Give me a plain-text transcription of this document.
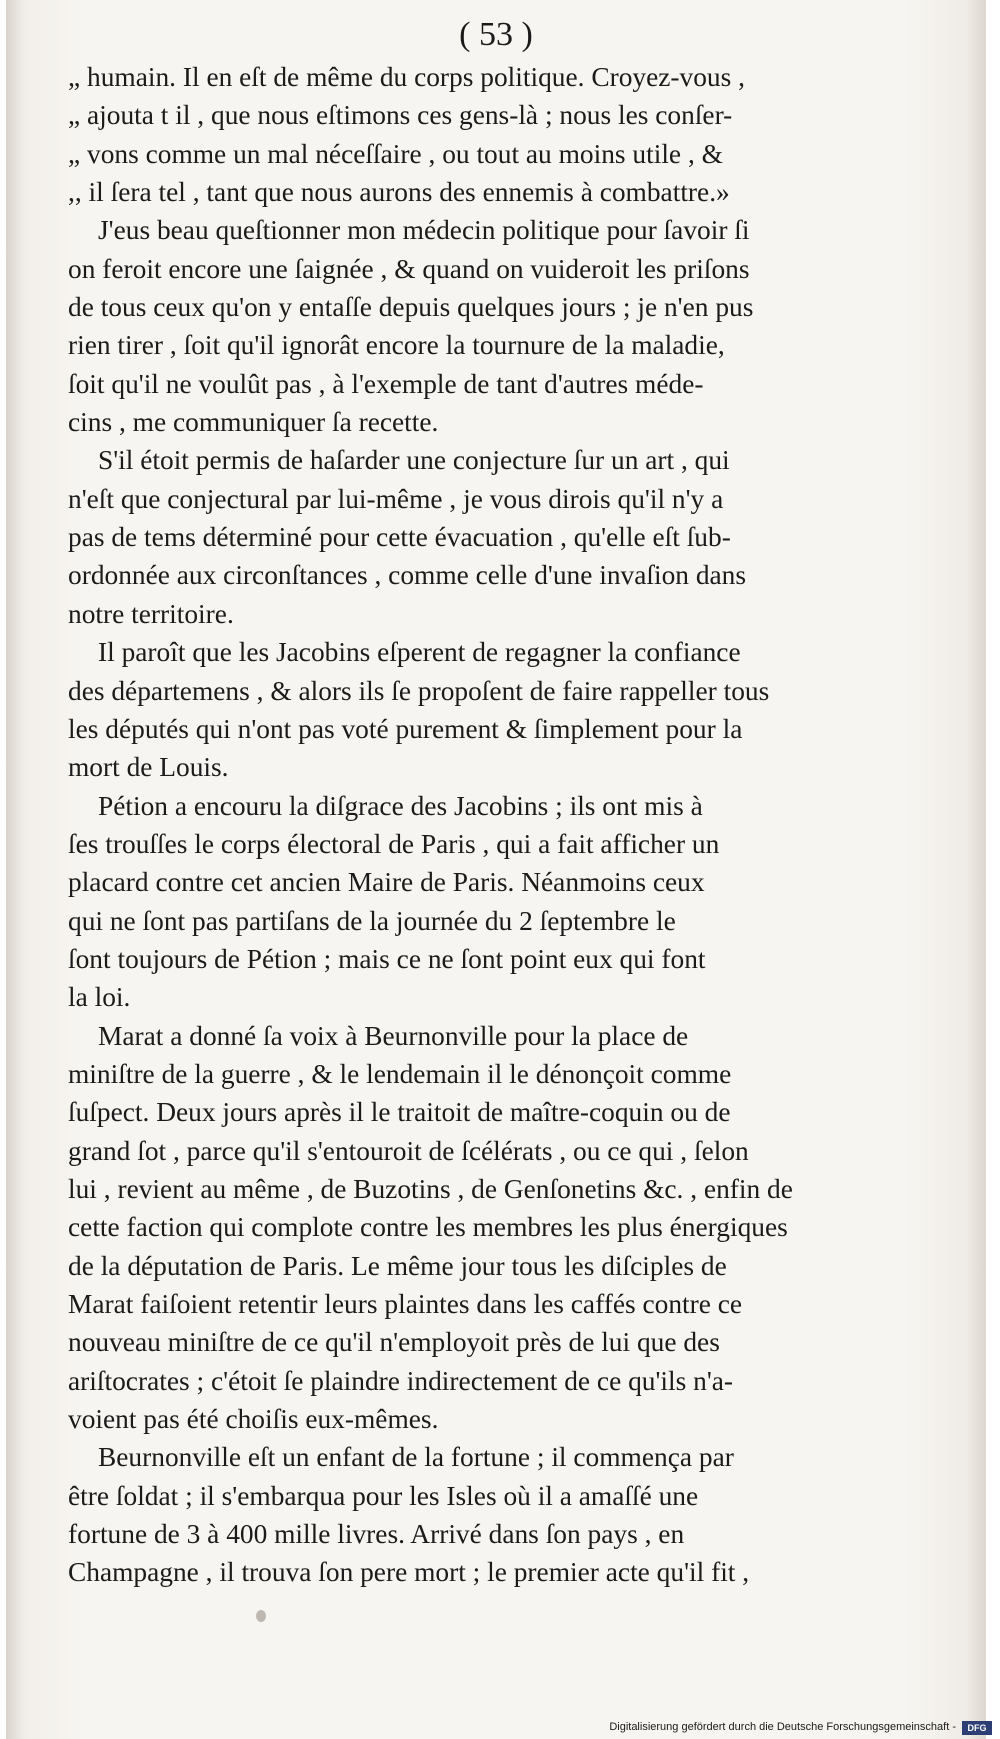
( 53 )

„ humain. Il en eſt de même du corps politique. Croyez-vous ,
„ ajouta t il , que nous eſtimons ces gens-là ; nous les conſer-
„ vons comme un mal néceſſaire , ou tout au moins utile , &
,, il ſera tel , tant que nous aurons des ennemis à combattre.»
J'eus beau queſtionner mon médecin politique pour ſavoir ſi
on feroit encore une ſaignée , & quand on vuideroit les priſons
de tous ceux qu'on y entaſſe depuis quelques jours ; je n'en pus
rien tirer , ſoit qu'il ignorât encore la tournure de la maladie,
ſoit qu'il ne voulût pas , à l'exemple de tant d'autres méde-
cins , me communiquer ſa recette.
S'il étoit permis de haſarder une conjecture ſur un art , qui
n'eſt que conjectural par lui-même , je vous dirois qu'il n'y a
pas de tems déterminé pour cette évacuation , qu'elle eſt ſub-
ordonnée aux circonſtances , comme celle d'une invaſion dans
notre territoire.
Il paroît que les Jacobins eſperent de regagner la confiance
des départemens , & alors ils ſe propoſent de faire rappeller tous
les députés qui n'ont pas voté purement & ſimplement pour la
mort de Louis.
Pétion a encouru la diſgrace des Jacobins ; ils ont mis à
ſes trouſſes le corps électoral de Paris , qui a fait afficher un
placard contre cet ancien Maire de Paris. Néanmoins ceux
qui ne ſont pas partiſans de la journée du 2 ſeptembre le
ſont toujours de Pétion ; mais ce ne ſont point eux qui font
la loi.
Marat a donné ſa voix à Beurnonville pour la place de
miniſtre de la guerre , & le lendemain il le dénonçoit comme
ſuſpect. Deux jours après il le traitoit de maître-coquin ou de
grand ſot , parce qu'il s'entouroit de ſcélérats , ou ce qui , ſelon
lui , revient au même , de Buzotins , de Genſonetins &c. , enfin de
cette faction qui complote contre les membres les plus énergiques
de la députation de Paris. Le même jour tous les diſciples de
Marat faiſoient retentir leurs plaintes dans les caffés contre ce
nouveau miniſtre de ce qu'il n'employoit près de lui que des
ariſtocrates ; c'étoit ſe plaindre indirectement de ce qu'ils n'a-
voient pas été choiſis eux-mêmes.
Beurnonville eſt un enfant de la fortune ; il commença par
être ſoldat ; il s'embarqua pour les Isles où il a amaſſé une
fortune de 3 à 400 mille livres. Arrivé dans ſon pays , en
Champagne , il trouva ſon pere mort ; le premier acte qu'il fit ,

Digitalisierung gefördert durch die Deutsche Forschungsgemeinschaft -	DFG
